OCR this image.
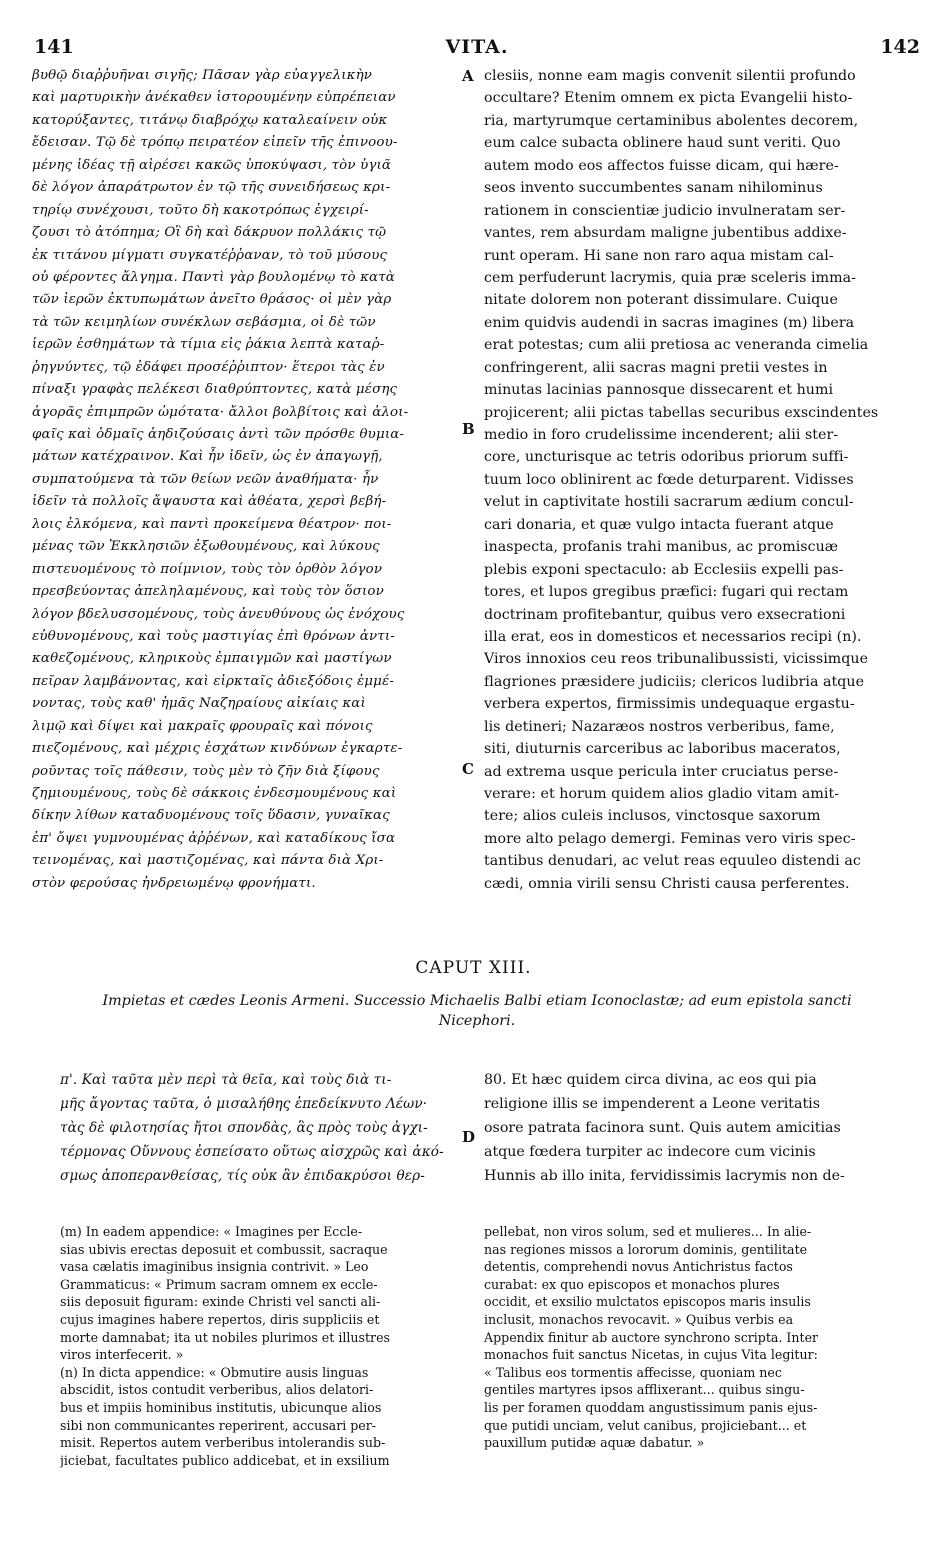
141	VITA.	142
A
B
C
D
βυθῷ διαῤῥυῆναι σιγῆς; Πᾶσαν γὰρ εὐαγγελικὴν
καὶ μαρτυρικὴν ἀνέκαθεν ἱστορουμένην εὐπρέπειαν
κατορύξαντες, τιτάνῳ διαβρόχῳ καταλεαίνειν οὐκ
ἔδεισαν. Τῷ δὲ τρόπῳ πειρατέον εἰπεῖν τῆς ἐπινοου-
μένης ἰδέας τῇ αἱρέσει κακῶς ὑποκύψασι, τὸν ὑγιᾶ
δὲ λόγον ἀπαράτρωτον ἐν τῷ τῆς συνειδήσεως κρι-
τηρίῳ συνέχουσι, τοῦτο δὴ κακοτρόπως ἐγχειρί-
ζουσι τὸ ἀτόπημα; Οἳ δὴ καὶ δάκρυον πολλάκις τῷ
ἐκ τιτάνου μίγματι συγκατέῤῥαναν, τὸ τοῦ μύσους
οὐ φέροντες ἄλγημα. Παντὶ γὰρ βουλομένῳ τὸ κατὰ
τῶν ἱερῶν ἐκτυπωμάτων ἀνεῖτο θράσος· οἱ μὲν γὰρ
τὰ τῶν κειμηλίων συνέκλων σεβάσμια, οἱ δὲ τῶν
ἱερῶν ἐσθημάτων τὰ τίμια εἰς ῥάκια λεπτὰ καταῤ-
ῥηγνύντες, τῷ ἐδάφει προσέῤῥιπτον· ἕτεροι τὰς ἐν
πίναξι γραφὰς πελέκεσι διαθρύπτοντες, κατὰ μέσης
ἀγορᾶς ἐπιμπρῶν ὠμότατα· ἄλλοι βολβίτοις καὶ ἀλοι-
φαῖς καὶ ὀδμαῖς ἀηδιζούσαις ἀντὶ τῶν πρόσθε θυμια-
μάτων κατέχραινον. Καὶ ἦν ἰδεῖν, ὡς ἐν ἀπαγωγῇ,
συμπατούμενα τὰ τῶν θείων νεῶν ἀναθήματα· ἦν
ἰδεῖν τὰ πολλοῖς ἄψαυστα καὶ ἀθέατα, χερσὶ βεβή-
λοις ἑλκόμενα, καὶ παντὶ προκείμενα θέατρον· ποι-
μένας τῶν Ἐκκλησιῶν ἐξωθουμένους, καὶ λύκους
πιστευομένους τὸ ποίμνιον, τοὺς τὸν ὀρθὸν λόγον
πρεσβεύοντας ἀπεληλαμένους, καὶ τοὺς τὸν ὅσιον
λόγον βδελυσσομένους, τοὺς ἀνευθύνους ὡς ἐνόχους
εὐθυνομένους, καὶ τοὺς μαστιγίας ἐπὶ θρόνων ἀντι-
καθεζομένους, κληρικοὺς ἐμπαιγμῶν καὶ μαστίγων
πεῖραν λαμβάνοντας, καὶ εἱρκταῖς ἀδιεξόδοις ἐμμέ-
νοντας, τοὺς καθ' ἡμᾶς Ναζηραίους αἰκίαις καὶ
λιμῷ καὶ δίψει καὶ μακραῖς φρουραῖς καὶ πόνοις
πιεζομένους, καὶ μέχρις ἐσχάτων κινδύνων ἐγκαρτε-
ροῦντας τοῖς πάθεσιν, τοὺς μὲν τὸ ζῆν διὰ ξίφους
ζημιουμένους, τοὺς δὲ σάκκοις ἐνδεσμουμένους καὶ
δίκην λίθων καταδυομένους τοῖς ὕδασιν, γυναῖκας
ἐπ' ὄψει γυμνουμένας ἀῤῥένων, καὶ καταδίκους ἴσα
τεινομένας, καὶ μαστιζομένας, καὶ πάντα διὰ Χρι-
στὸν φερούσας ἠνδρειωμένῳ φρονήματι.
clesiis, nonne eam magis convenit silentii profundo
occultare? Etenim omnem ex picta Evangelii histo-
ria, martyrumque certaminibus abolentes decorem,
eum calce subacta oblinere haud sunt veriti. Quo
autem modo eos affectos fuisse dicam, qui hære-
seos invento succumbentes sanam nihilominus
rationem in conscientiæ judicio invulneratam ser-
vantes, rem absurdam maligne jubentibus addixe-
runt operam. Hi sane non raro aqua mistam cal-
cem perfuderunt lacrymis, quia præ sceleris imma-
nitate dolorem non poterant dissimulare. Cuique
enim quidvis audendi in sacras imagines (m) libera
erat potestas; cum alii pretiosa ac veneranda cimelia
confringerent, alii sacras magni pretii vestes in
minutas lacinias pannosque dissecarent et humi
projicerent; alii pictas tabellas securibus exscindentes
medio in foro crudelissime incenderent; alii ster-
core, uncturisque ac tetris odoribus priorum suffi-
tuum loco oblinirent ac fœde deturparent. Vidisses
velut in captivitate hostili sacrarum ædium concul-
cari donaria, et quæ vulgo intacta fuerant atque
inaspecta, profanis trahi manibus, ac promiscuæ
plebis exponi spectaculo: ab Ecclesiis expelli pas-
tores, et lupos gregibus præfici: fugari qui rectam
doctrinam profitebantur, quibus vero exsecrationi
illa erat, eos in domesticos et necessarios recipi (n).
Viros innoxios ceu reos tribunalibussisti, vicissimque
flagriones præsidere judiciis; clericos ludibria atque
verbera expertos, firmissimis undequaque ergastu-
lis detineri; Nazaræos nostros verberibus, fame,
siti, diuturnis carceribus ac laboribus maceratos,
ad extrema usque pericula inter cruciatus perse-
verare: et horum quidem alios gladio vitam amit-
tere; alios culeis inclusos, vinctosque saxorum
more alto pelago demergi. Feminas vero viris spec-
tantibus denudari, ac velut reas equuleo distendi ac
cædi, omnia virili sensu Christi causa perferentes.
CAPUT XIII.
Impietas et cædes Leonis Armeni. Successio Michaelis Balbi etiam Iconoclastæ; ad eum epistola sancti
Nicephori.
π'. Καὶ ταῦτα μὲν περὶ τὰ θεῖα, καὶ τοὺς διὰ τι-
μῆς ἄγοντας ταῦτα, ὁ μισαλήθης ἐπεδείκνυτο Λέων·
τὰς δὲ φιλοτησίας ἤτοι σπονδὰς, ἃς πρὸς τοὺς ἀγχι-
τέρμονας Οὔννους ἐσπείσατο οὕτως αἰσχρῶς καὶ ἀκό-
σμως ἀποπερανθείσας, τίς οὐκ ἂν ἐπιδακρύσοι θερ-
80. Et hæc quidem circa divina, ac eos qui pia
religione illis se impenderent a Leone veritatis
osore patrata facinora sunt. Quis autem amicitias
atque fœdera turpiter ac indecore cum vicinis
Hunnis ab illo inita, fervidissimis lacrymis non de-
(m) In eadem appendice: « Imagines per Eccle-
sias ubivis erectas deposuit et combussit, sacraque
vasa cælatis imaginibus insignia contrivit. » Leo
Grammaticus: « Primum sacram omnem ex eccle-
siis deposuit figuram: exinde Christi vel sancti ali-
cujus imagines habere repertos, diris suppliciis et
morte damnabat; ita ut nobiles plurimos et illustres
viros interfecerit. »
(n) In dicta appendice: « Obmutire ausis linguas
abscidit, istos contudit verberibus, alios delatori-
bus et impiis hominibus institutis, ubicunque alios
sibi non communicantes reperirent, accusari per-
misit. Repertos autem verberibus intolerandis sub-
jiciebat, facultates publico addicebat, et in exsilium
pellebat, non viros solum, sed et mulieres... In alie-
nas regiones missos a lororum dominis, gentilitate
detentis, comprehendi novus Antichristus factos
curabat: ex quo episcopos et monachos plures
occidit, et exsilio mulctatos episcopos maris insulis
inclusit, monachos revocavit. » Quibus verbis ea
Appendix finitur ab auctore synchrono scripta. Inter
monachos fuit sanctus Nicetas, in cujus Vita legitur:
« Talibus eos tormentis affecisse, quoniam nec
gentiles martyres ipsos afflixerant... quibus singu-
lis per foramen quoddam angustissimum panis ejus-
que putidi unciam, velut canibus, projiciebant... et
pauxillum putidæ aquæ dabatur. »
